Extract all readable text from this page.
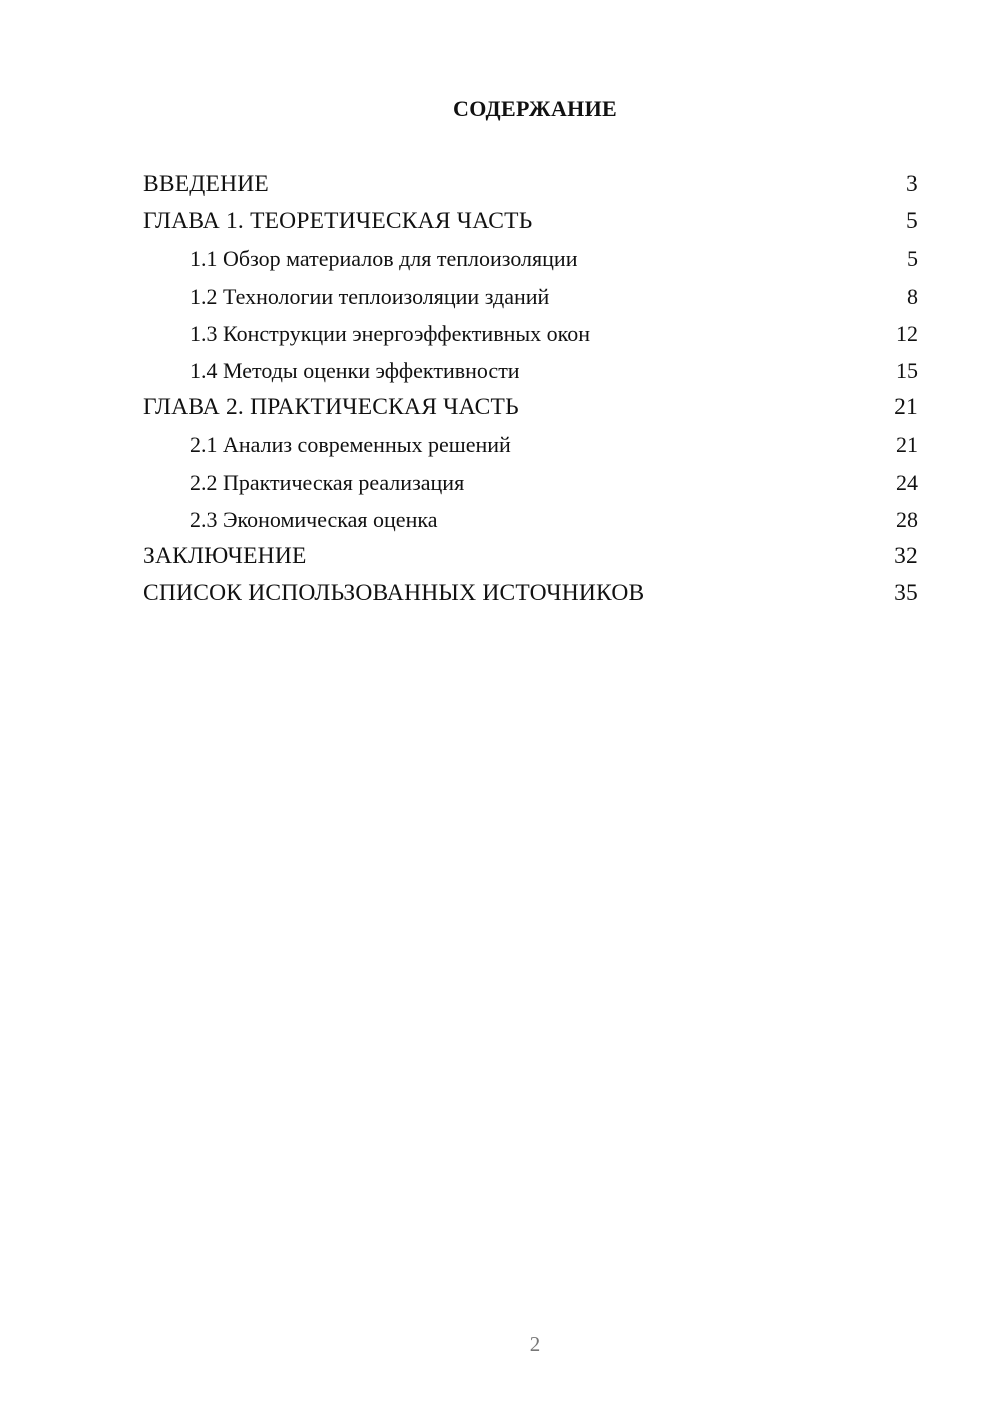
СОДЕРЖАНИЕ
ВВЕДЕНИЕ	3
ГЛАВА 1. ТЕОРЕТИЧЕСКАЯ ЧАСТЬ	5
1.1 Обзор материалов для теплоизоляции	5
1.2 Технологии теплоизоляции зданий	8
1.3 Конструкции энергоэффективных окон	12
1.4 Методы оценки эффективности	15
ГЛАВА 2. ПРАКТИЧЕСКАЯ ЧАСТЬ	21
2.1 Анализ современных решений	21
2.2 Практическая реализация	24
2.3 Экономическая оценка	28
ЗАКЛЮЧЕНИЕ	32
СПИСОК ИСПОЛЬЗОВАННЫХ ИСТОЧНИКОВ	35
2
